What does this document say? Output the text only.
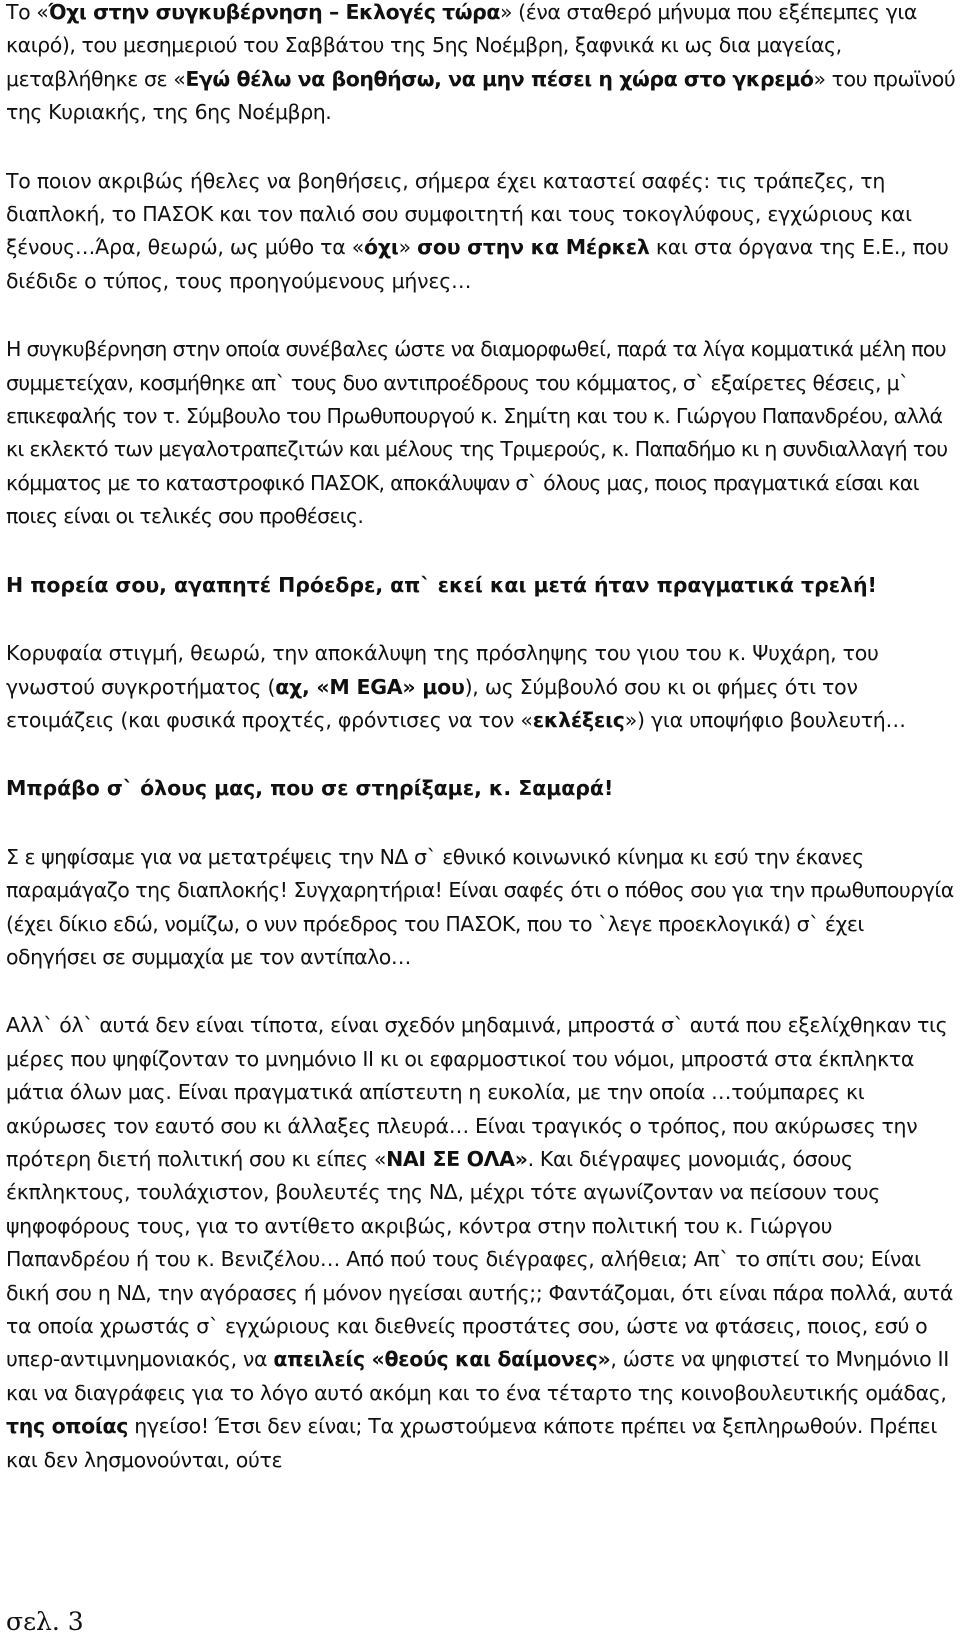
Το «Όχι στην συγκυβέρνηση – Εκλογές τώρα» (ένα σταθερό μήνυμα που εξέπεμπες για καιρό), του μεσημεριού του Σαββάτου της 5ης Νοέμβρη, ξαφνικά κι ως δια μαγείας, μεταβλήθηκε σε «Εγώ θέλω να βοηθήσω, να μην πέσει η χώρα στο γκρεμό» του πρωϊνού της Κυριακής, της 6ης Νοέμβρη.

Το ποιον ακριβώς ήθελες να βοηθήσεις, σήμερα έχει καταστεί σαφές: τις τράπεζες, τη διαπλοκή, το ΠΑΣΟΚ και τον παλιό σου συμφοιτητή και τους τοκογλύφους, εγχώριους και ξένους…Άρα, θεωρώ, ως μύθο τα «όχι» σου στην κα Μέρκελ και στα όργανα της Ε.Ε., που διέδιδε ο τύπος, τους προηγούμενους μήνες…

Η συγκυβέρνηση στην οποία συνέβαλες ώστε να διαμορφωθεί, παρά τα λίγα κομματικά μέλη που συμμετείχαν, κοσμήθηκε απ` τους δυο αντιπροέδρους του κόμματος, σ` εξαίρετες θέσεις, μ` επικεφαλής τον τ. Σύμβουλο του Πρωθυπουργού κ. Σημίτη και του κ. Γιώργου Παπανδρέου, αλλά κι εκλεκτό των μεγαλοτραπεζιτών και μέλους της Τριμερούς, κ. Παπαδήμο κι η συνδιαλλαγή του κόμματος με το καταστροφικό ΠΑΣΟΚ, αποκάλυψαν σ` όλους μας, ποιος πραγματικά είσαι και ποιες είναι οι τελικές σου προθέσεις.

Η πορεία σου, αγαπητέ Πρόεδρε, απ` εκεί και μετά ήταν πραγματικά τρελή!

Κορυφαία στιγμή, θεωρώ, την αποκάλυψη της πρόσληψης του γιου του κ. Ψυχάρη, του γνωστού συγκροτήματος (αχ, «M EGA» μου), ως Σύμβουλό σου κι οι φήμες ότι τον ετοιμάζεις (και φυσικά προχτές, φρόντισες να τον «εκλέξεις») για υποψήφιο βουλευτή…

Μπράβο σ` όλους μας, που σε στηρίξαμε, κ. Σαμαρά!

Σ ε ψηφίσαμε για να μετατρέψεις την ΝΔ σ` εθνικό κοινωνικό κίνημα κι εσύ την έκανες παραμάγαζο της διαπλοκής! Συγχαρητήρια! Είναι σαφές ότι ο πόθος σου για την πρωθυπουργία (έχει δίκιο εδώ, νομίζω, ο νυν πρόεδρος του ΠΑΣΟΚ, που το `λεγε προεκλογικά) σ` έχει οδηγήσει σε συμμαχία με τον αντίπαλο…

Αλλ` όλ` αυτά δεν είναι τίποτα, είναι σχεδόν μηδαμινά, μπροστά σ` αυτά που εξελίχθηκαν τις μέρες που ψηφίζονταν το μνημόνιο ΙΙ κι οι εφαρμοστικοί του νόμοι, μπροστά στα έκπληκτα μάτια όλων μας. Είναι πραγματικά απίστευτη η ευκολία, με την οποία …τούμπαρες κι ακύρωσες τον εαυτό σου κι άλλαξες πλευρά… Είναι τραγικός ο τρόπος, που ακύρωσες την πρότερη διετή πολιτική σου κι είπες «ΝΑΙ ΣΕ ΟΛΑ». Και διέγραψες μονομιάς, όσους έκπληκτους, τουλάχιστον, βουλευτές της ΝΔ, μέχρι τότε αγωνίζονταν να πείσουν τους ψηφοφόρους τους, για το αντίθετο ακριβώς, κόντρα στην πολιτική του κ. Γιώργου Παπανδρέου ή του κ. Βενιζέλου… Από πού τους διέγραφες, αλήθεια; Απ` το σπίτι σου; Είναι δική σου η ΝΔ, την αγόρασες ή μόνον ηγείσαι αυτής;; Φαντάζομαι, ότι είναι πάρα πολλά, αυτά τα οποία χρωστάς σ` εγχώριους και διεθνείς προστάτες σου, ώστε να φτάσεις, ποιος, εσύ ο υπερ-αντιμνημονιακός, να απειλείς «θεούς και δαίμονες», ώστε να ψηφιστεί το Μνημόνιο ΙΙ και να διαγράφεις για το λόγο αυτό ακόμη και το ένα τέταρτο της κοινοβουλευτικής ομάδας, της οποίας ηγείσο! Έτσι δεν είναι; Τα χρωστούμενα κάποτε πρέπει να ξεπληρωθούν. Πρέπει και δεν λησμονούνται, ούτε

σελ. 3
